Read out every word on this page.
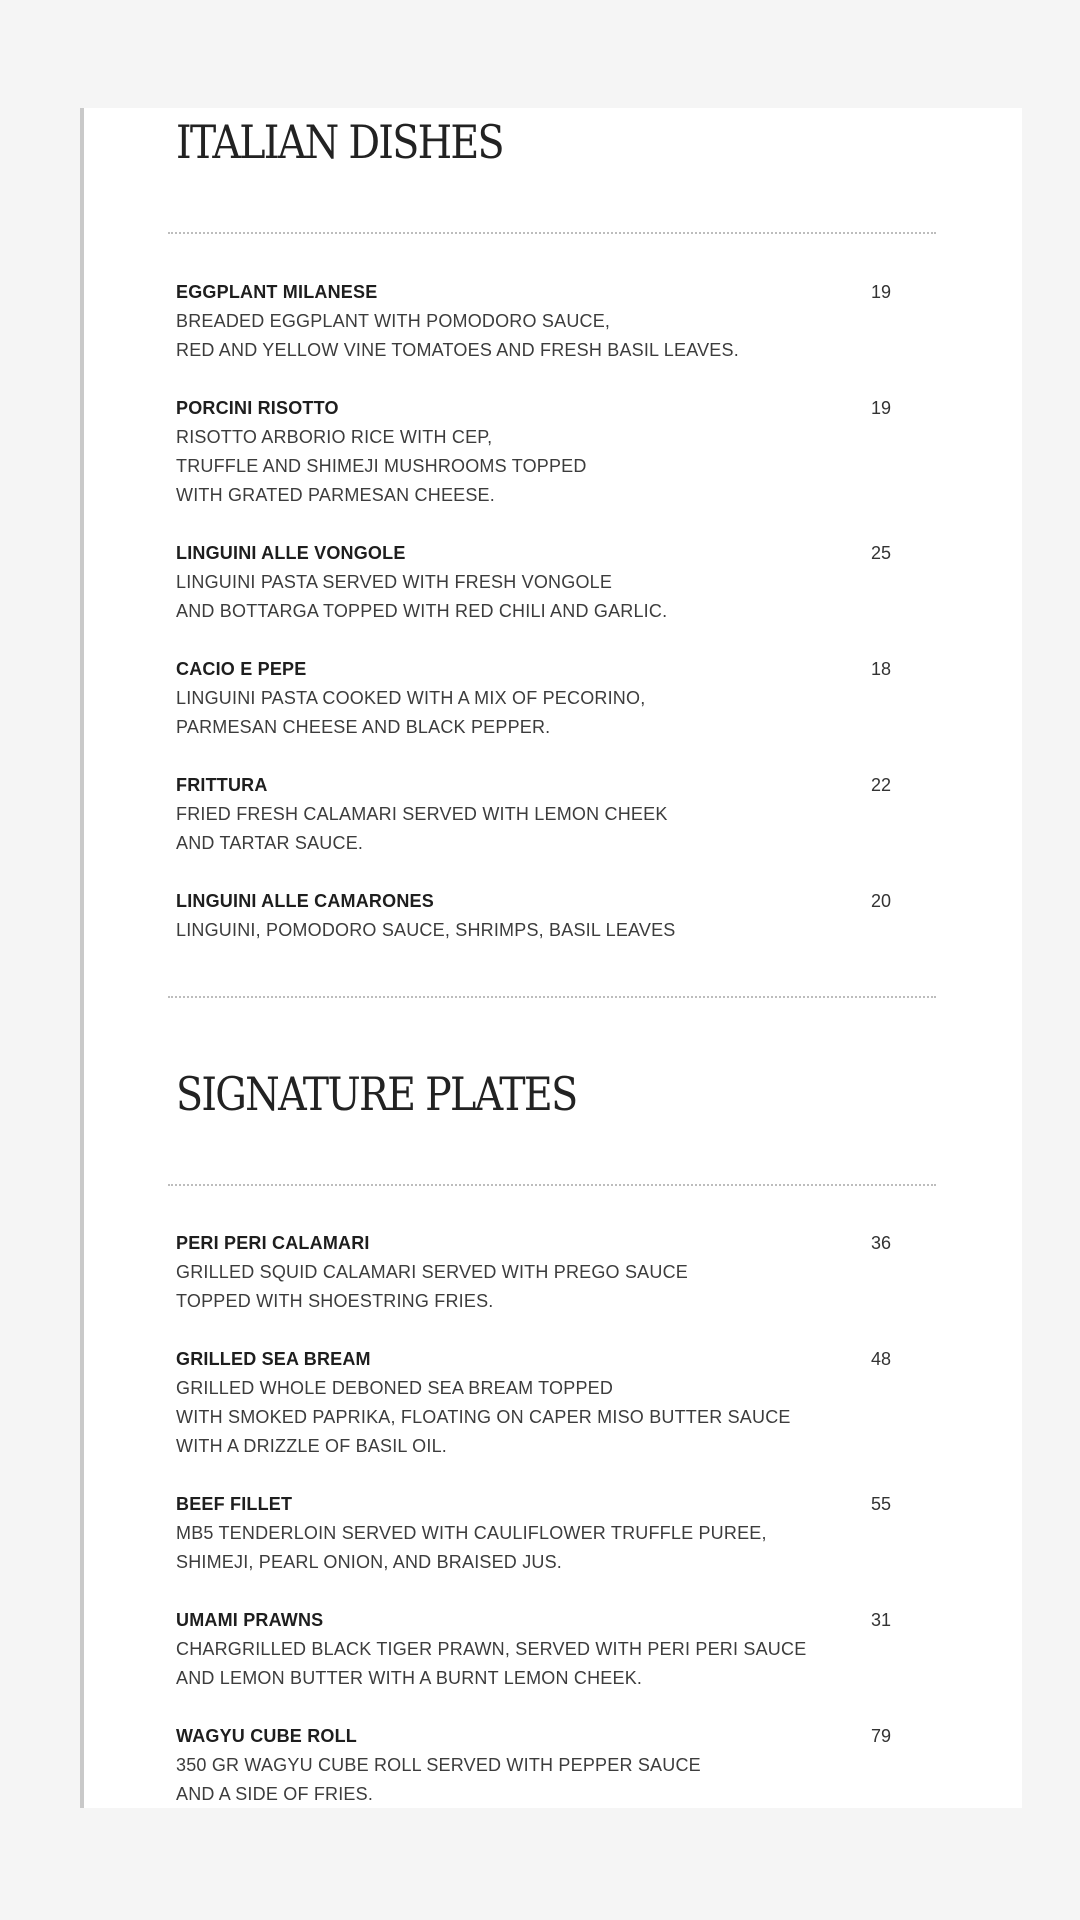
ITALIAN DISHES
EGGPLANT MILANESE	19
BREADED EGGPLANT WITH POMODORO SAUCE,
RED AND YELLOW VINE TOMATOES AND FRESH BASIL LEAVES.
PORCINI RISOTTO	19
RISOTTO ARBORIO RICE WITH CEP,
TRUFFLE AND SHIMEJI MUSHROOMS TOPPED
WITH GRATED PARMESAN CHEESE.
LINGUINI ALLE VONGOLE	25
LINGUINI PASTA SERVED WITH FRESH VONGOLE
AND BOTTARGA TOPPED WITH RED CHILI AND GARLIC.
CACIO E PEPE	18
LINGUINI PASTA COOKED WITH A MIX OF PECORINO,
PARMESAN CHEESE AND BLACK PEPPER.
FRITTURA	22
FRIED FRESH CALAMARI SERVED WITH LEMON CHEEK
AND TARTAR SAUCE.
LINGUINI ALLE CAMARONES	20
LINGUINI, POMODORO SAUCE, SHRIMPS, BASIL LEAVES
SIGNATURE PLATES
PERI PERI CALAMARI	36
GRILLED SQUID CALAMARI SERVED WITH PREGO SAUCE
TOPPED WITH SHOESTRING FRIES.
GRILLED SEA BREAM	48
GRILLED WHOLE DEBONED SEA BREAM TOPPED
WITH SMOKED PAPRIKA, FLOATING ON CAPER MISO BUTTER SAUCE
WITH A DRIZZLE OF BASIL OIL.
BEEF FILLET	55
MB5 TENDERLOIN SERVED WITH CAULIFLOWER TRUFFLE PUREE,
SHIMEJI, PEARL ONION, AND BRAISED JUS.
UMAMI PRAWNS	31
CHARGRILLED BLACK TIGER PRAWN, SERVED WITH PERI PERI SAUCE
AND LEMON BUTTER WITH A BURNT LEMON CHEEK.
WAGYU CUBE ROLL	79
350 GR WAGYU CUBE ROLL SERVED WITH PEPPER SAUCE
AND A SIDE OF FRIES.
